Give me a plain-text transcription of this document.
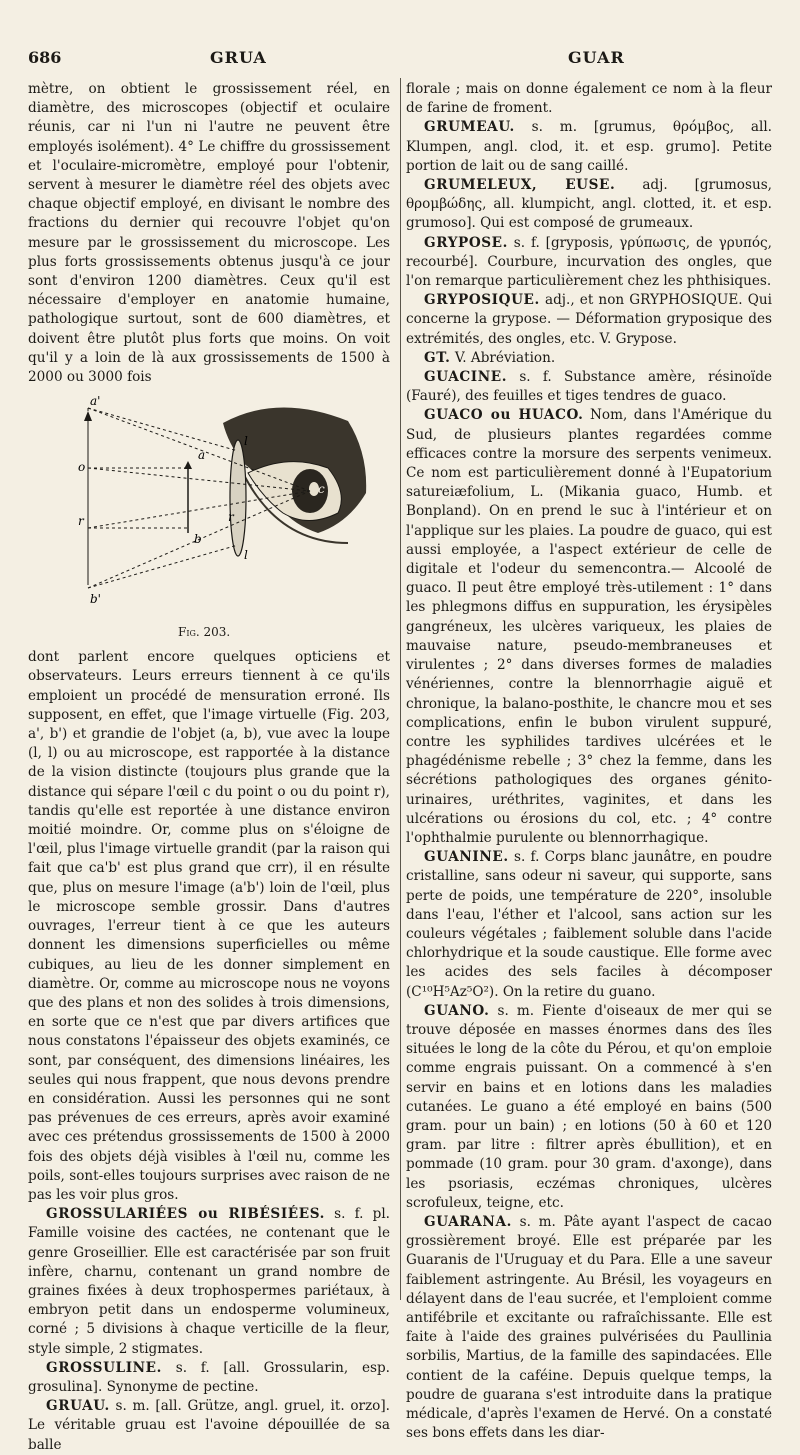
686	GRUA	GUAR

mètre, on obtient le grossissement réel, en diamètre, des microscopes (objectif et oculaire réunis, car ni l'un ni l'autre ne peuvent être employés isolément). 4° Le chiffre du grossissement et l'oculaire-micromètre, employé pour l'obtenir, servent à mesurer le diamètre réel des objets avec chaque objectif employé, en divisant le nombre des fractions du dernier qui recouvre l'objet qu'on mesure par le grossissement du microscope. Les plus forts grossissements obtenus jusqu'à ce jour sont d'environ 1200 diamètres. Ceux qu'il est nécessaire d'employer en anatomie humaine, pathologique surtout, sont de 600 diamètres, et doivent être plutôt plus forts que moins. On voit qu'il y a loin de là aux grossissements de 1500 à 2000 ou 3000 fois

a'
a
o
r
b
b'
l
l
c
r
Fig. 203.

dont parlent encore quelques opticiens et observateurs. Leurs erreurs tiennent à ce qu'ils emploient un procédé de mensuration erroné. Ils supposent, en effet, que l'image virtuelle (Fig. 203, a', b') et grandie de l'objet (a, b), vue avec la loupe (l, l) ou au microscope, est rapportée à la distance de la vision distincte (toujours plus grande que la distance qui sépare l'œil c du point o ou du point r), tandis qu'elle est reportée à une distance environ moitié moindre. Or, comme plus on s'éloigne de l'œil, plus l'image virtuelle grandit (par la raison qui fait que ca'b' est plus grand que crr), il en résulte que, plus on mesure l'image (a'b') loin de l'œil, plus le microscope semble grossir. Dans d'autres ouvrages, l'erreur tient à ce que les auteurs donnent les dimensions superficielles ou même cubiques, au lieu de les donner simplement en diamètre. Or, comme au microscope nous ne voyons que des plans et non des solides à trois dimensions, en sorte que ce n'est que par divers artifices que nous constatons l'épaisseur des objets examinés, ce sont, par conséquent, des dimensions linéaires, les seules qui nous frappent, que nous devons prendre en considération. Aussi les personnes qui ne sont pas prévenues de ces erreurs, après avoir examiné avec ces prétendus grossissements de 1500 à 2000 fois des objets déjà visibles à l'œil nu, comme les poils, sont-elles toujours surprises avec raison de ne pas les voir plus gros.

GROSSULARIÉES ou RIBÉSIÉES. s. f. pl. Famille voisine des cactées, ne contenant que le genre Groseillier. Elle est caractérisée par son fruit infère, charnu, contenant un grand nombre de graines fixées à deux trophospermes pariétaux, à embryon petit dans un endosperme volumineux, corné ; 5 divisions à chaque verticille de la fleur, style simple, 2 stigmates.

GROSSULINE. s. f. [all. Grossularin, esp. grosulina]. Synonyme de pectine.

GRUAU. s. m. [all. Grütze, angl. gruel, it. orzo]. Le véritable gruau est l'avoine dépouillée de sa balle

florale ; mais on donne également ce nom à la fleur de farine de froment.

GRUMEAU. s. m. [grumus, θρόμβος, all. Klumpen, angl. clod, it. et esp. grumo]. Petite portion de lait ou de sang caillé.

GRUMELEUX, EUSE. adj. [grumosus, θρομβώδης, all. klumpicht, angl. clotted, it. et esp. grumoso]. Qui est composé de grumeaux.

GRYPOSE. s. f. [gryposis, γρύπωσις, de γρυπός, recourbé]. Courbure, incurvation des ongles, que l'on remarque particulièrement chez les phthisiques.

GRYPOSIQUE. adj., et non GRYPHOSIQUE. Qui concerne la grypose. — Déformation gryposique des extrémités, des ongles, etc. V. Grypose.

GT. V. Abréviation.

GUACINE. s. f. Substance amère, résinoïde (Fauré), des feuilles et tiges tendres de guaco.

GUACO ou HUACO. Nom, dans l'Amérique du Sud, de plusieurs plantes regardées comme efficaces contre la morsure des serpents venimeux. Ce nom est particulièrement donné à l'Eupatorium satureiæfolium, L. (Mikania guaco, Humb. et Bonpland). On en prend le suc à l'intérieur et on l'applique sur les plaies. La poudre de guaco, qui est aussi employée, a l'aspect extérieur de celle de digitale et l'odeur du semencontra.— Alcoolé de guaco. Il peut être employé très-utilement : 1° dans les phlegmons diffus en suppuration, les érysipèles gangréneux, les ulcères variqueux, les plaies de mauvaise nature, pseudo-membraneuses et virulentes ; 2° dans diverses formes de maladies vénériennes, contre la blennorrhagie aiguë et chronique, la balano-posthite, le chancre mou et ses complications, enfin le bubon virulent suppuré, contre les syphilides tardives ulcérées et le phagédénisme rebelle ; 3° chez la femme, dans les sécrétions pathologiques des organes génito-urinaires, uréthrites, vaginites, et dans les ulcérations ou érosions du col, etc. ; 4° contre l'ophthalmie purulente ou blennorrhagique.

GUANINE. s. f. Corps blanc jaunâtre, en poudre cristalline, sans odeur ni saveur, qui supporte, sans perte de poids, une température de 220°, insoluble dans l'eau, l'éther et l'alcool, sans action sur les couleurs végétales ; faiblement soluble dans l'acide chlorhydrique et la soude caustique. Elle forme avec les acides des sels faciles à décomposer (C¹⁰H⁵Az⁵O²). On la retire du guano.

GUANO. s. m. Fiente d'oiseaux de mer qui se trouve déposée en masses énormes dans des îles situées le long de la côte du Pérou, et qu'on emploie comme engrais puissant. On a commencé à s'en servir en bains et en lotions dans les maladies cutanées. Le guano a été employé en bains (500 gram. pour un bain) ; en lotions (50 à 60 et 120 gram. par litre : filtrer après ébullition), et en pommade (10 gram. pour 30 gram. d'axonge), dans les psoriasis, eczémas chroniques, ulcères scrofuleux, teigne, etc.

GUARANA. s. m. Pâte ayant l'aspect de cacao grossièrement broyé. Elle est préparée par les Guaranis de l'Uruguay et du Para. Elle a une saveur faiblement astringente. Au Brésil, les voyageurs en délayent dans de l'eau sucrée, et l'emploient comme antifébrile et excitante ou rafraîchissante. Elle est faite à l'aide des graines pulvérisées du Paullinia sorbilis, Martius, de la famille des sapindacées. Elle contient de la caféine. Depuis quelque temps, la poudre de guarana s'est introduite dans la pratique médicale, d'après l'examen de Hervé. On a constaté ses bons effets dans les diar-
